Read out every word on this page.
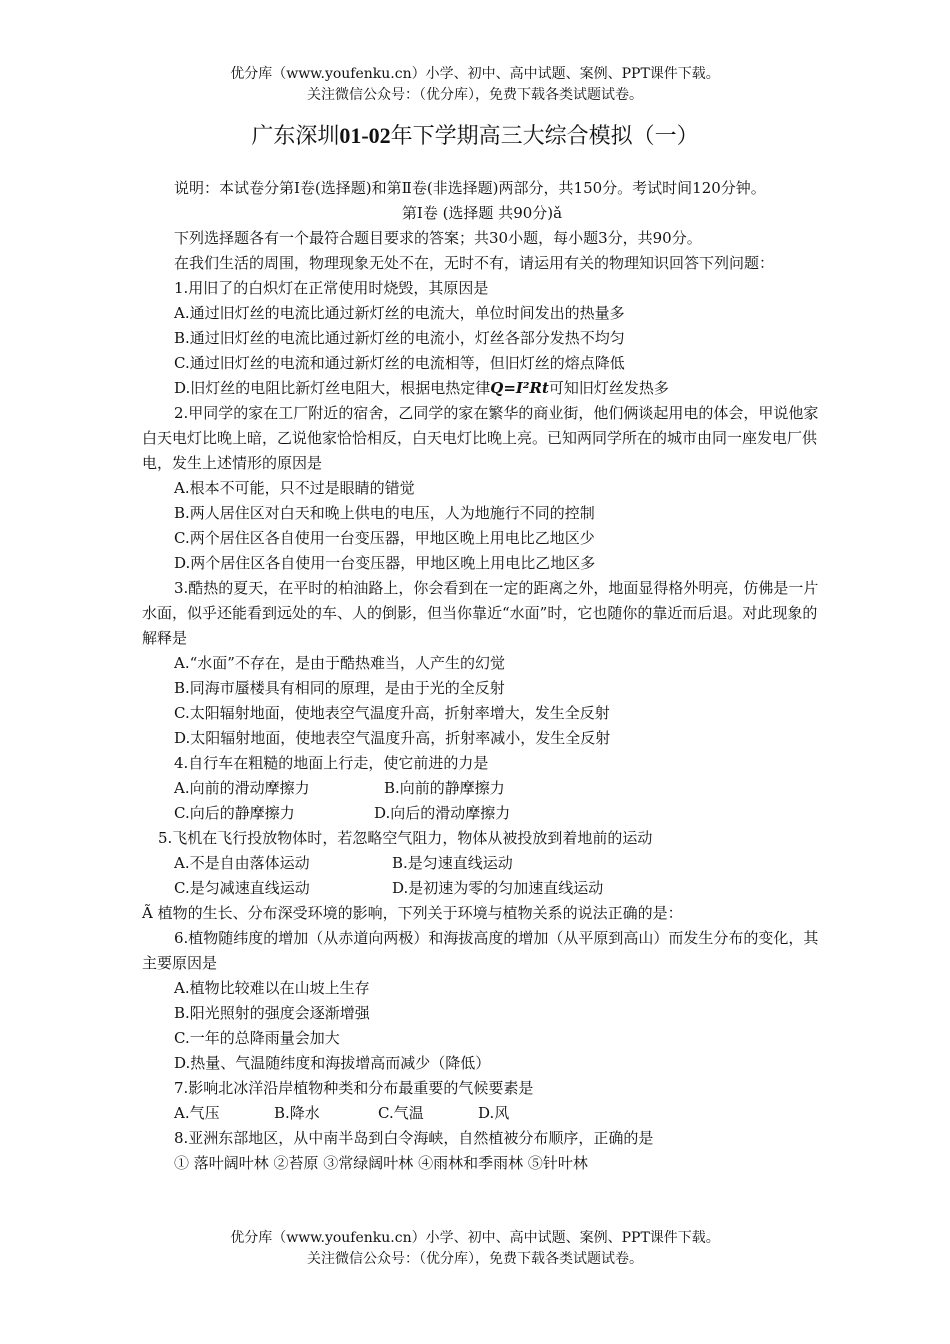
优分库（www.youfenku.cn）小学、初中、高中试题、案例、PPT课件下载。
关注微信公众号：（优分库），免费下载各类试题试卷。
广东深圳01-02年下学期高三大综合模拟（一）

说明：本试卷分第Ⅰ卷(选择题)和第Ⅱ卷(非选择题)两部分，共150分。考试时间120分钟。

第Ⅰ卷 (选择题 共90分)ǎ

下列选择题各有一个最符合题目要求的答案；共30小题，每小题3分，共90分。

在我们生活的周围，物理现象无处不在，无时不有，请运用有关的物理知识回答下列问题：

1.用旧了的白炽灯在正常使用时烧毁，其原因是

A.通过旧灯丝的电流比通过新灯丝的电流大，单位时间发出的热量多

B.通过旧灯丝的电流比通过新灯丝的电流小，灯丝各部分发热不均匀

C.通过旧灯丝的电流和通过新灯丝的电流相等，但旧灯丝的熔点降低

D.旧灯丝的电阻比新灯丝电阻大，根据电热定律Q=I²Rt可知旧灯丝发热多

2.甲同学的家在工厂附近的宿舍，乙同学的家在繁华的商业街，他们俩谈起用电的体会，甲说他家白天电灯比晚上暗，乙说他家恰恰相反，白天电灯比晚上亮。已知两同学所在的城市由同一座发电厂供电，发生上述情形的原因是

A.根本不可能，只不过是眼睛的错觉

B.两人居住区对白天和晚上供电的电压，人为地施行不同的控制

C.两个居住区各自使用一台变压器，甲地区晚上用电比乙地区少

D.两个居住区各自使用一台变压器，甲地区晚上用电比乙地区多

3.酷热的夏天，在平时的柏油路上，你会看到在一定的距离之外，地面显得格外明亮，仿佛是一片水面，似乎还能看到远处的车、人的倒影，但当你靠近“水面”时，它也随你的靠近而后退。对此现象的解释是

A.“水面”不存在，是由于酷热难当，人产生的幻觉

B.同海市蜃楼具有相同的原理，是由于光的全反射

C.太阳辐射地面，使地表空气温度升高，折射率增大，发生全反射

D.太阳辐射地面，使地表空气温度升高，折射率减小，发生全反射

4.自行车在粗糙的地面上行走，使它前进的力是

A.向前的滑动摩擦力	B.向前的静摩擦力
C.向后的静摩擦力	D.向后的滑动摩擦力

5.飞机在飞行投放物体时，若忽略空气阻力，物体从被投放到着地前的运动

A.不是自由落体运动	B.是匀速直线运动
C.是匀减速直线运动	D.是初速为零的匀加速直线运动

Ã 植物的生长、分布深受环境的影响，下列关于环境与植物关系的说法正确的是：

6.植物随纬度的增加（从赤道向两极）和海拔高度的增加（从平原到高山）而发生分布的变化，其主要原因是

A.植物比较难以在山坡上生存

B.阳光照射的强度会逐渐增强

C.一年的总降雨量会加大

D.热量、气温随纬度和海拔增高而减少（降低）

7.影响北冰洋沿岸植物种类和分布最重要的气候要素是

A.气压	B.降水	C.气温	D.风

8.亚洲东部地区，从中南半岛到白令海峡，自然植被分布顺序，正确的是

① 落叶阔叶林 ②苔原 ③常绿阔叶林 ④雨林和季雨林 ⑤针叶林

优分库（www.youfenku.cn）小学、初中、高中试题、案例、PPT课件下载。
关注微信公众号：（优分库），免费下载各类试题试卷。
